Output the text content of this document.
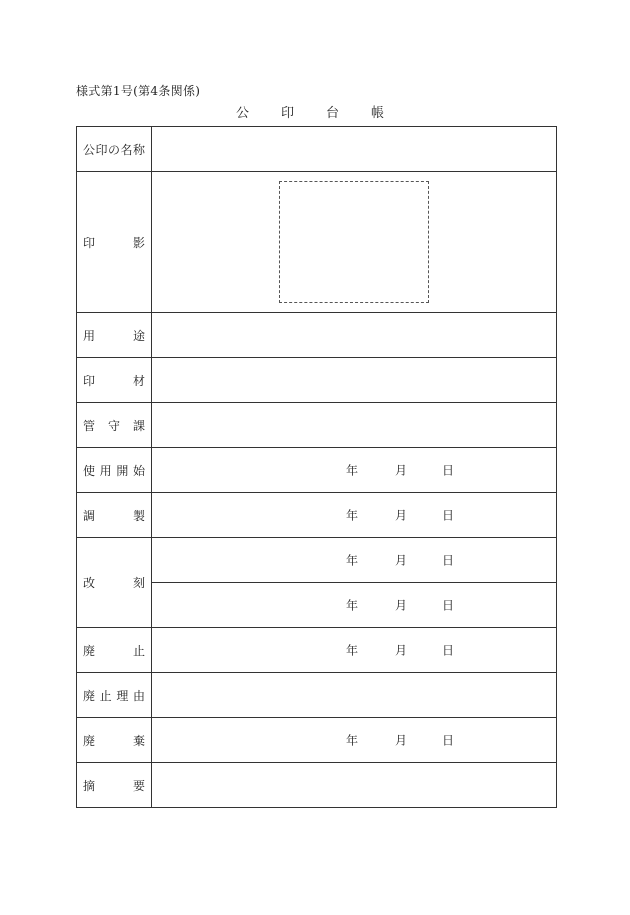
様式第1号(第4条関係)
公	印	台	帳
公 印 の 名 称	

印 影	

用 途	

印 材	

管 守 課	

使 用 開 始	年 月 日

調 製	年 月 日

改 刻	年 月 日

	年 月 日

廃 止	年 月 日

廃 止 理 由	

廃 棄	年 月 日

摘 要	
